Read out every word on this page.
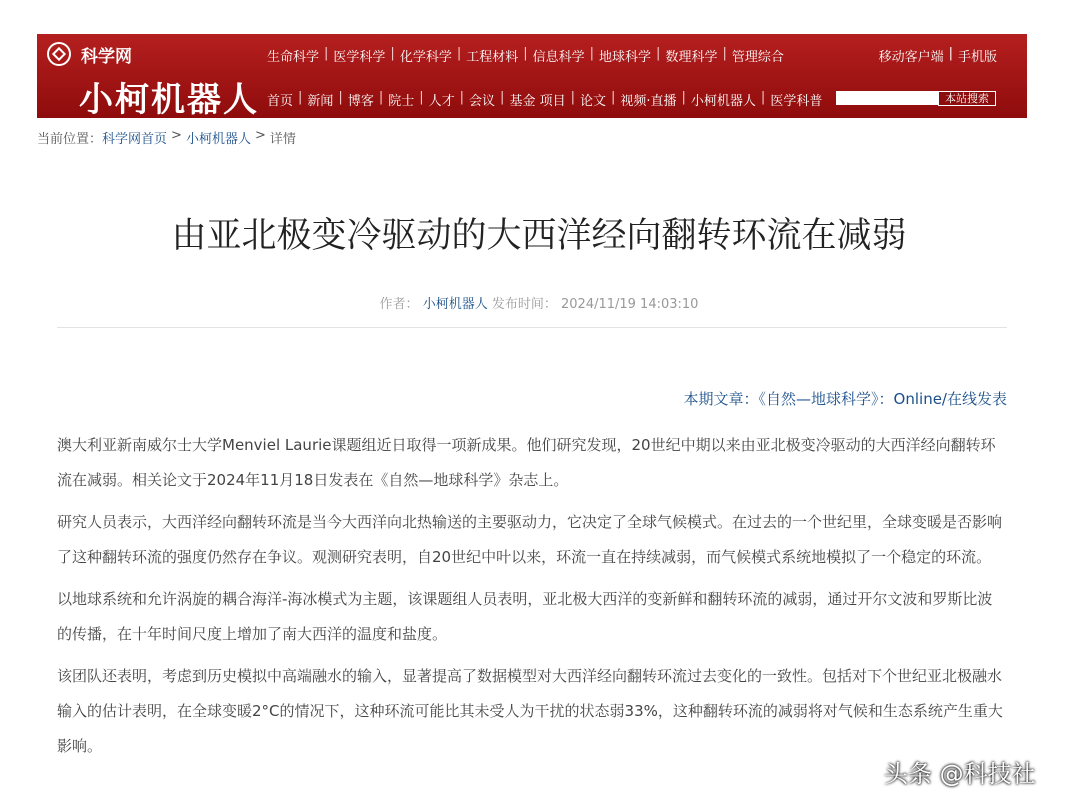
科学网
小柯机器人
生命科学 | 医学科学 | 化学科学 | 工程材料 | 信息科学 | 地球科学 | 数理科学 | 管理综合
首页 | 新闻 | 博客 | 院士 | 人才 | 会议 | 基金 项目 | 论文 | 视频·直播 | 小柯机器人 | 医学科普
移动客户端 | 手机版
本站搜索
当前位置： 科学网首页 > 小柯机器人 > 详情
由亚北极变冷驱动的大西洋经向翻转环流在减弱
作者： 小柯机器人 发布时间： 2024/11/19 14:03:10
本期文章：《自然—地球科学》：Online/在线发表

澳大利亚新南威尔士大学Menviel Laurie课题组近日取得一项新成果。他们研究发现，20世纪中期以来由亚北极变冷驱动的大西洋经向翻转环流在减弱。相关论文于2024年11月18日发表在《自然—地球科学》杂志上。

研究人员表示，大西洋经向翻转环流是当今大西洋向北热输送的主要驱动力，它决定了全球气候模式。在过去的一个世纪里，全球变暖是否影响了这种翻转环流的强度仍然存在争议。观测研究表明，自20世纪中叶以来，环流一直在持续减弱，而气候模式系统地模拟了一个稳定的环流。

以地球系统和允许涡旋的耦合海洋-海冰模式为主题，该课题组人员表明，亚北极大西洋的变新鲜和翻转环流的减弱，通过开尔文波和罗斯比波的传播，在十年时间尺度上增加了南大西洋的温度和盐度。

该团队还表明，考虑到历史模拟中高端融水的输入，显著提高了数据模型对大西洋经向翻转环流过去变化的一致性。包括对下个世纪亚北极融水输入的估计表明，在全球变暖2°C的情况下，这种环流可能比其未受人为干扰的状态弱33%，这种翻转环流的减弱将对气候和生态系统产生重大影响。

头条 @科技社
